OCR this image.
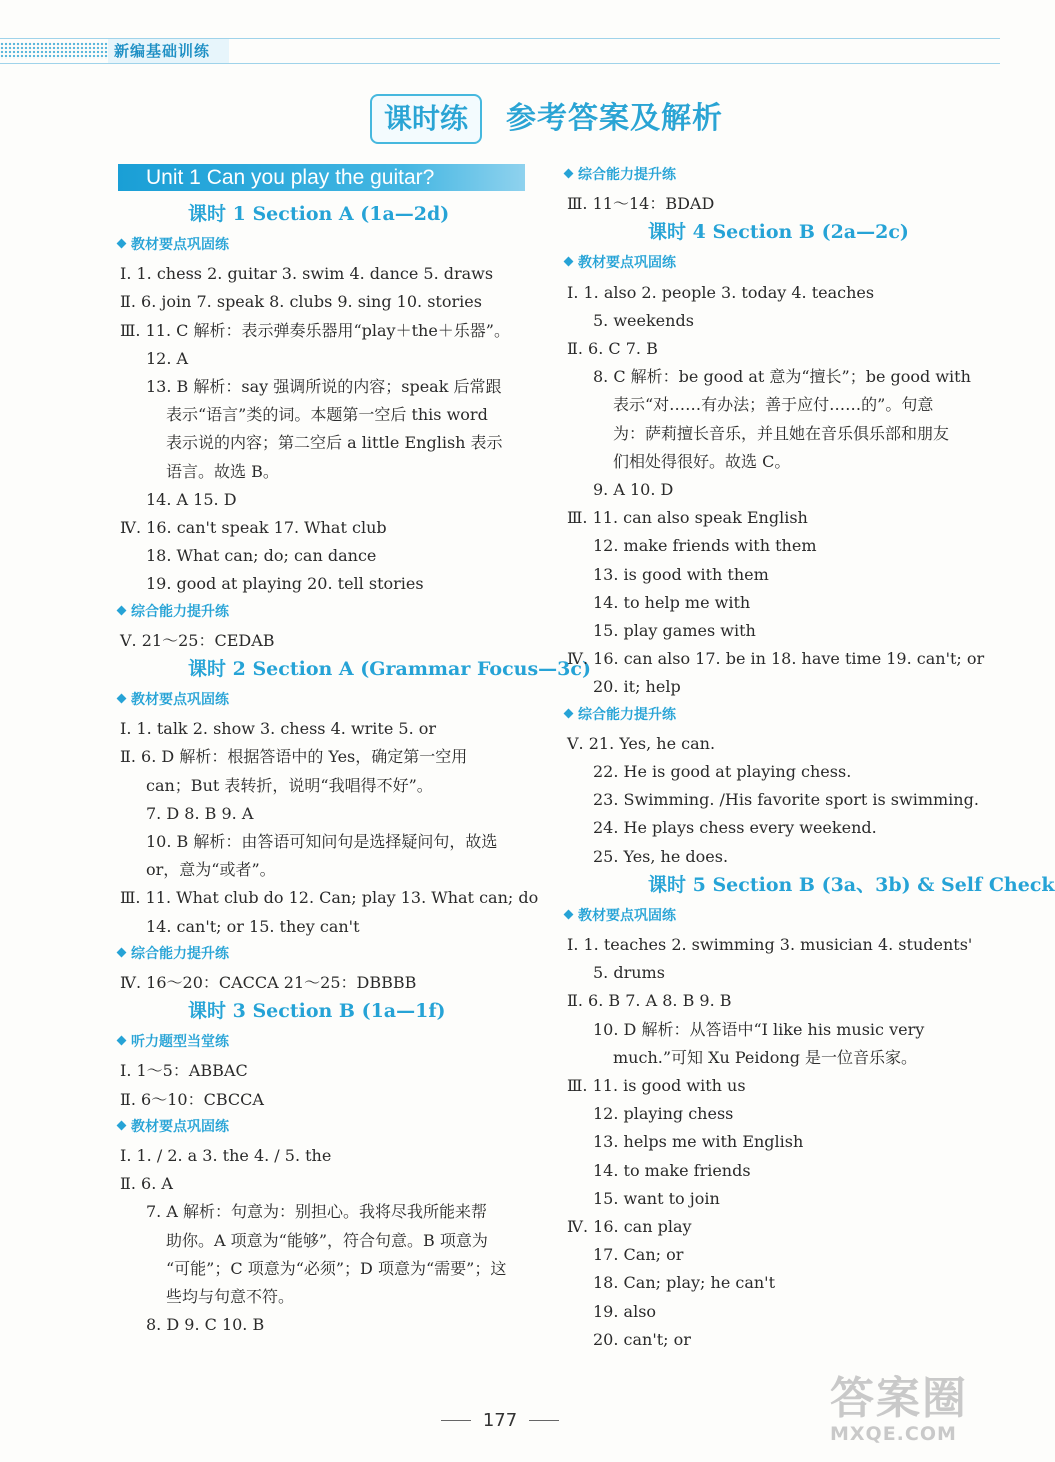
新编基础训练
课时练	参考答案及解析
Unit 1 Can you play the guitar?
课时 1 Section A (1a—2d)
教材要点巩固练
Ⅰ. 1. chess 2. guitar 3. swim 4. dance 5. draws
Ⅱ. 6. join 7. speak 8. clubs 9. sing 10. stories
Ⅲ. 11. C 解析：表示弹奏乐器用“play＋the＋乐器”。
12. A
13. B 解析：say 强调所说的内容；speak 后常跟
表示“语言”类的词。本题第一空后 this word
表示说的内容；第二空后 a little English 表示
语言。故选 B。
14. A 15. D
Ⅳ. 16. can't speak 17. What club
18. What can; do; can dance
19. good at playing 20. tell stories
综合能力提升练
Ⅴ. 21～25：CEDAB
课时 2 Section A (Grammar Focus—3c)
教材要点巩固练
Ⅰ. 1. talk 2. show 3. chess 4. write 5. or
Ⅱ. 6. D 解析：根据答语中的 Yes，确定第一空用
can；But 表转折，说明“我唱得不好”。
7. D 8. B 9. A
10. B 解析：由答语可知问句是选择疑问句，故选
or，意为“或者”。
Ⅲ. 11. What club do 12. Can; play 13. What can; do
14. can't; or 15. they can't
综合能力提升练
Ⅳ. 16～20：CACCA 21～25：DBBBB
课时 3 Section B (1a—1f)
听力题型当堂练
Ⅰ. 1～5：ABBAC
Ⅱ. 6～10：CBCCA
教材要点巩固练
Ⅰ. 1. / 2. a 3. the 4. / 5. the
Ⅱ. 6. A
7. A 解析：句意为：别担心。我将尽我所能来帮
助你。A 项意为“能够”，符合句意。B 项意为
“可能”；C 项意为“必须”；D 项意为“需要”；这
些均与句意不符。
8. D 9. C 10. B
综合能力提升练
Ⅲ. 11～14：BDAD
课时 4 Section B (2a—2c)
教材要点巩固练
Ⅰ. 1. also 2. people 3. today 4. teaches
5. weekends
Ⅱ. 6. C 7. B
8. C 解析：be good at 意为“擅长”；be good with
表示“对……有办法；善于应付……的”。句意
为：萨莉擅长音乐，并且她在音乐俱乐部和朋友
们相处得很好。故选 C。
9. A 10. D
Ⅲ. 11. can also speak English
12. make friends with them
13. is good with them
14. to help me with
15. play games with
Ⅳ. 16. can also 17. be in 18. have time 19. can't; or
20. it; help
综合能力提升练
Ⅴ. 21. Yes, he can.
22. He is good at playing chess.
23. Swimming. /His favorite sport is swimming.
24. He plays chess every weekend.
25. Yes, he does.
课时 5 Section B (3a、3b) & Self Check
教材要点巩固练
Ⅰ. 1. teaches 2. swimming 3. musician 4. students'
5. drums
Ⅱ. 6. B 7. A 8. B 9. B
10. D 解析：从答语中“I like his music very
much.”可知 Xu Peidong 是一位音乐家。
Ⅲ. 11. is good with us
12. playing chess
13. helps me with English
14. to make friends
15. want to join
Ⅳ. 16. can play
17. Can; or
18. Can; play; he can't
19. also
20. can't; or
177	答案圈
MXQE.COM
